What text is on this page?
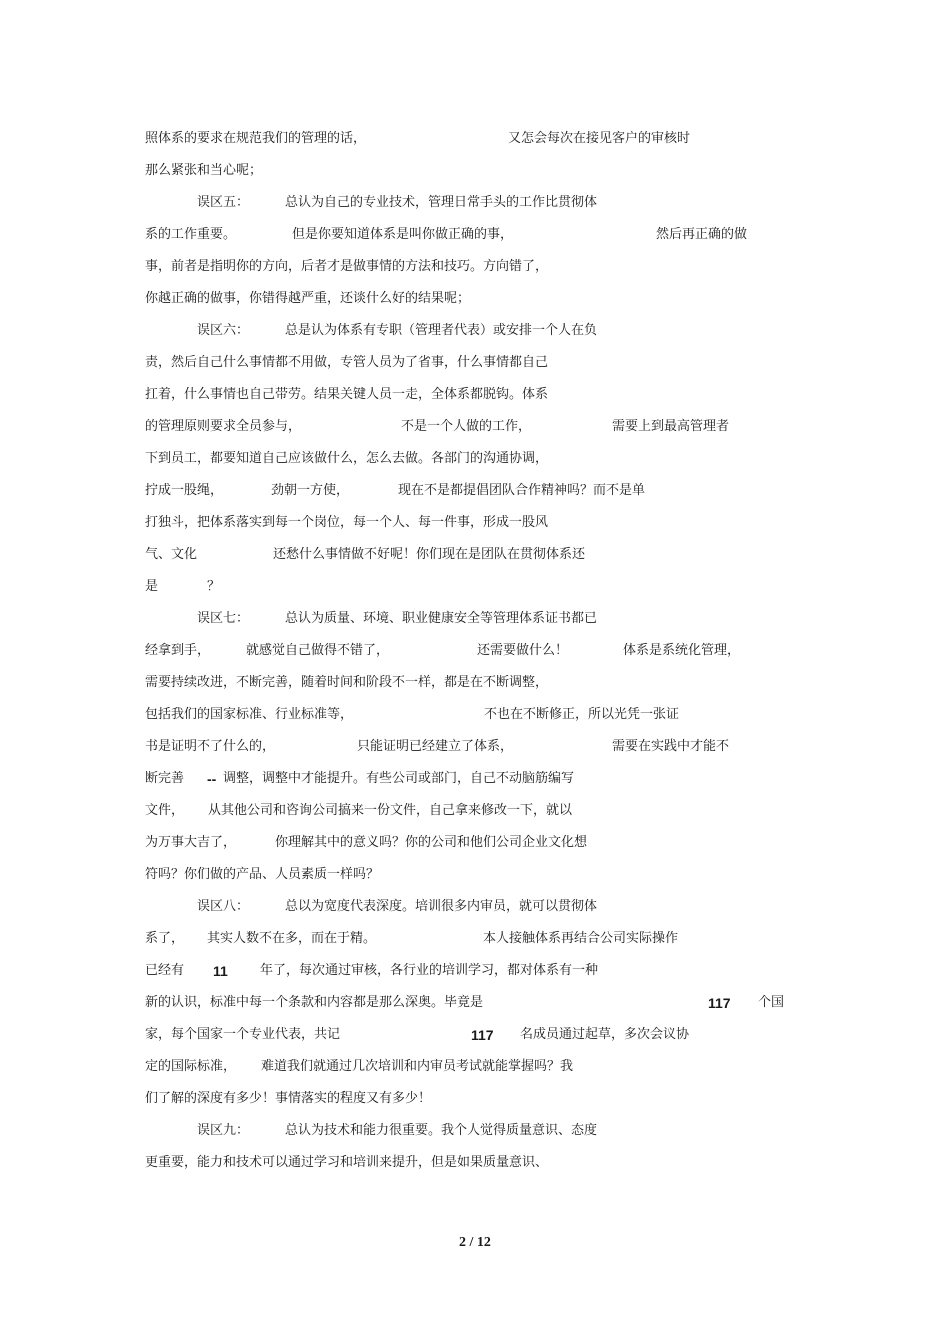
照体系的要求在规范我们的管理的话，	又怎会每次在接见客户的审核时
那么紧张和当心呢；
误区五：	总认为自己的专业技术，管理日常手头的工作比贯彻体
系的工作重要。	但是你要知道体系是叫你做正确的事，	然后再正确的做
事，前者是指明你的方向，后者才是做事情的方法和技巧。方向错了，
你越正确的做事，你错得越严重，还谈什么好的结果呢；
误区六：	总是认为体系有专职（管理者代表）或安排一个人在负
责，然后自己什么事情都不用做，专管人员为了省事，什么事情都自己
扛着，什么事情也自己带劳。结果关键人员一走，全体系都脱钩。体系
的管理原则要求全员参与，	不是一个人做的工作，	需要上到最高管理者
下到员工，都要知道自己应该做什么，怎么去做。各部门的沟通协调，
拧成一股绳，	劲朝一方使，	现在不是都提倡团队合作精神吗？而不是单
打独斗，把体系落实到每一个岗位，每一个人、每一件事，形成一股风
气、文化	还愁什么事情做不好呢！你们现在是团队在贯彻体系还
是	？
误区七：	总认为质量、环境、职业健康安全等管理体系证书都已
经拿到手，	就感觉自己做得不错了，	还需要做什么！	体系是系统化管理，
需要持续改进，不断完善，随着时间和阶段不一样，都是在不断调整，
包括我们的国家标准、行业标准等，	不也在不断修正，所以光凭一张证
书是证明不了什么的，	只能证明已经建立了体系，	需要在实践中才能不
断完善 -- 调整，调整中才能提升。有些公司或部门，自己不动脑筋编写
文件， 从其他公司和咨询公司搞来一份文件，自己拿来修改一下，就以
为万事大吉了，	你理解其中的意义吗？你的公司和他们公司企业文化想
符吗？你们做的产品、人员素质一样吗？
误区八：	总以为宽度代表深度。培训很多内审员，就可以贯彻体
系了， 其实人数不在多，而在于精。	本人接触体系再结合公司实际操作
已经有 11 年了，每次通过审核，各行业的培训学习，都对体系有一种
新的认识，标准中每一个条款和内容都是那么深奥。毕竟是	117 个国
家，每个国家一个专业代表，共记	117 名成员通过起草，多次会议协
定的国际标准， 难道我们就通过几次培训和内审员考试就能掌握吗？我
们了解的深度有多少！事情落实的程度又有多少！
误区九：	总认为技术和能力很重要。我个人觉得质量意识、态度
更重要，能力和技术可以通过学习和培训来提升，但是如果质量意识、
2 / 12
